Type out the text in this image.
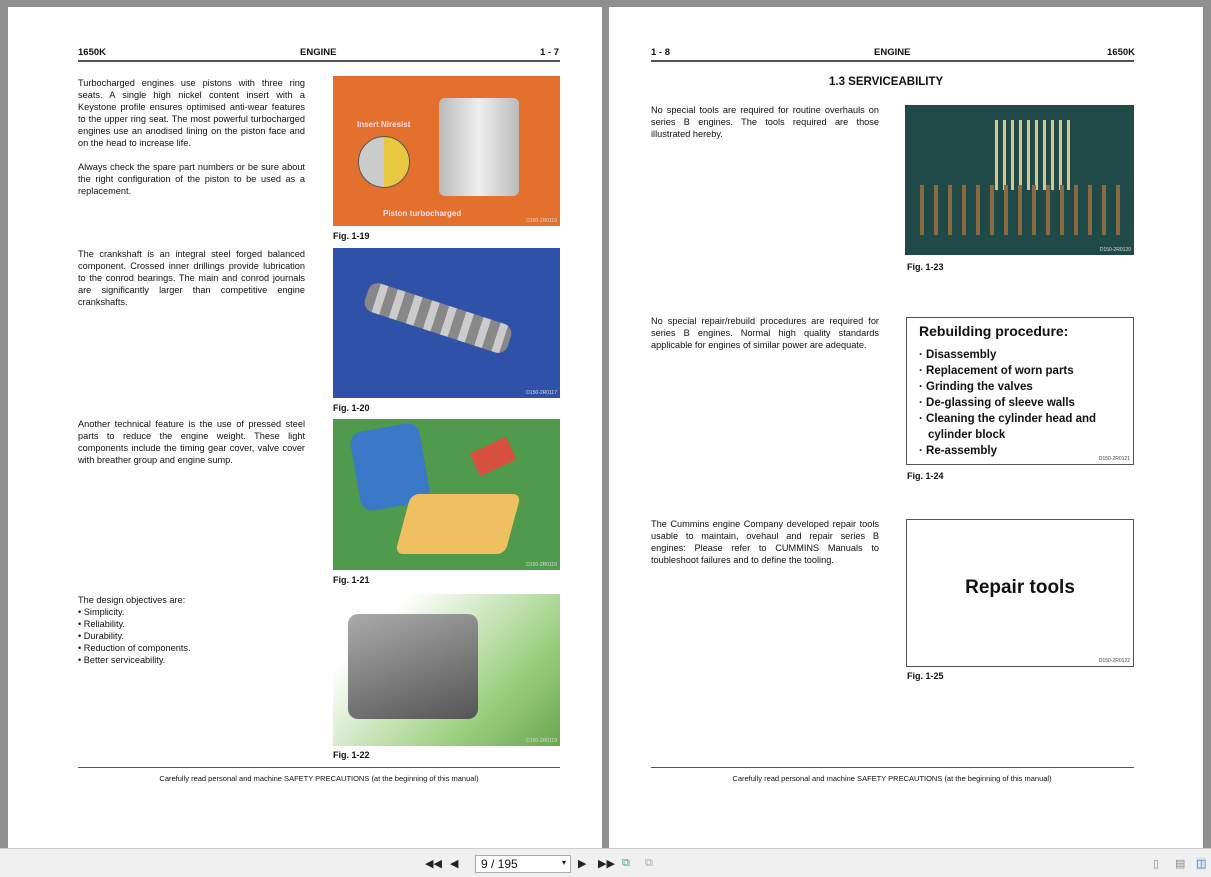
1650K	ENGINE	1 - 7

Turbocharged engines use pistons with three ring seats. A single high nickel content insert with a Keystone profile ensures optimised anti-wear features to the upper ring seat. The most powerful turbocharged engines use an anodised lining on the piston face and on the head to increase life.

Always check the spare part numbers or be sure about the right configuration of the piston to be used as a replacement.

The crankshaft is an integral steel forged balanced component. Crossed inner drillings provide lubrication to the conrod bearings. The main and conrod journals are significantly larger than competitive engine crankshafts.
Another technical feature is the use of pressed steel parts to reduce the engine weight. These light components include the timing gear cover, valve cover with breather group and engine sump.
The design objectives are:
• Simplicity.
• Reliability.
• Durability.
• Reduction of components.
• Better serviceability.
Insert Niresist
Piston turbocharged
D150-2R0116
Fig. 1-19
D150-2R0117
Fig. 1-20
D150-2R0118
Fig. 1-21
D150-2R0119
Fig. 1-22
Carefully read personal and machine SAFETY PRECAUTIONS (at the beginning of this manual)
1 - 8	ENGINE	1650K
1.3 SERVICEABILITY
No special tools are required for routine overhauls on series B engines. The tools required are those illustrated hereby.
No special repair/rebuild procedures are required for series B engines. Normal high quality standards applicable for engines of similar power are adequate.
The Cummins engine Company developed repair tools usable to maintain, ovehaul and repair series B engines: Please refer to CUMMINS Manuals to toubleshoot failures and to define the tooling.
D150-2R0120
Fig. 1-23
Rebuilding procedure:
· Disassembly
· Replacement of worn parts
· Grinding the valves
· De-glassing of sleeve walls
· Cleaning the cylinder head and cylinder block
· Re-assembly
D150-2R0121
Fig. 1-24
Repair tools
D150-2R0122
Fig. 1-25
Carefully read personal and machine SAFETY PRECAUTIONS (at the beginning of this manual)
◀◀ ◀	▶ ▶▶ ⧉ ⧉	▯ ▤ ◫
9 / 195	▾
